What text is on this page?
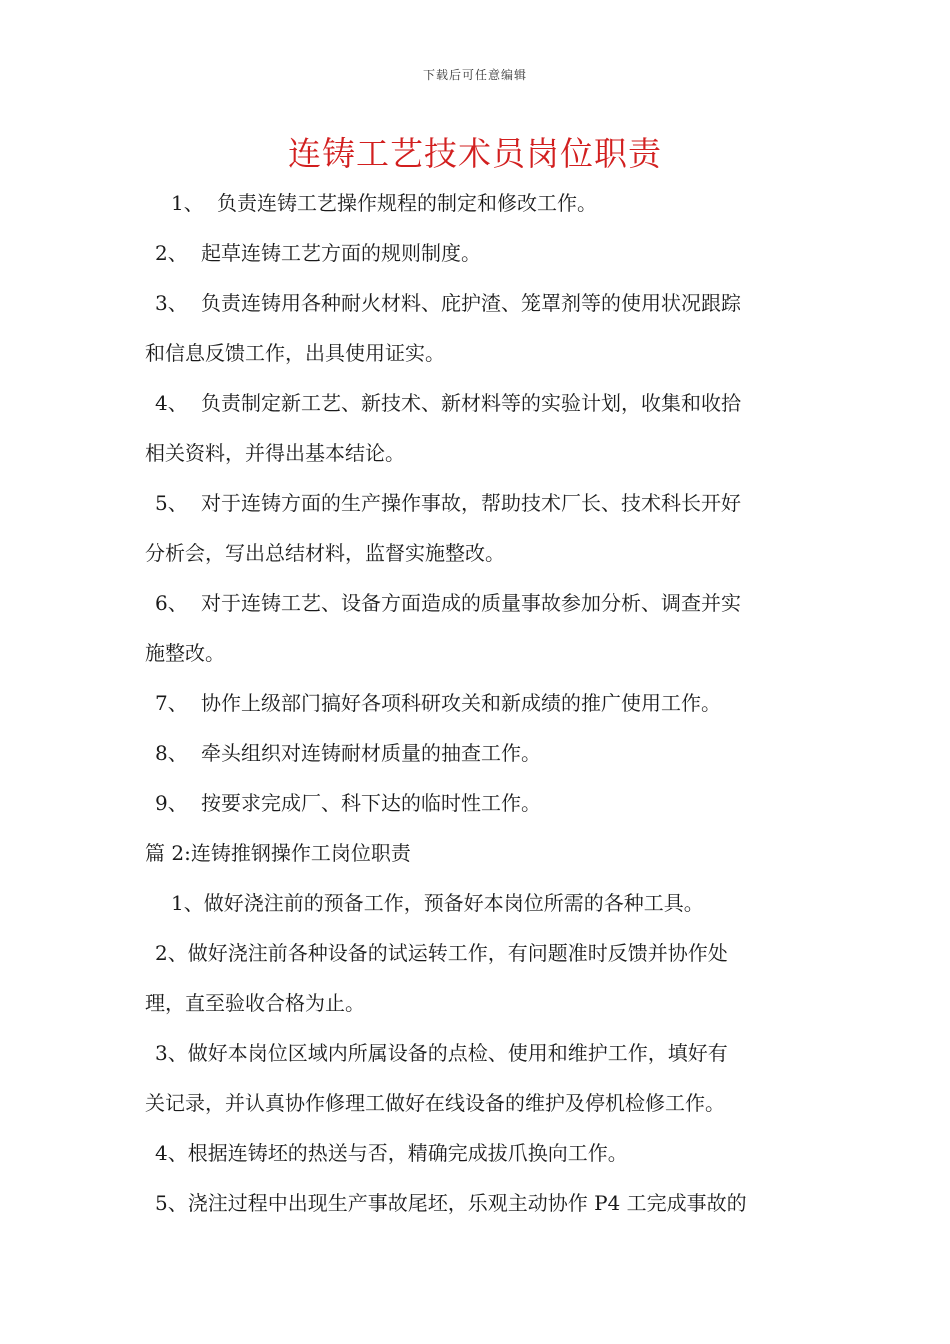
下载后可任意编辑
连铸工艺技术员岗位职责

1、 负责连铸工艺操作规程的制定和修改工作。

2、 起草连铸工艺方面的规则制度。

3、 负责连铸用各种耐火材料、庇护渣、笼罩剂等的使用状况跟踪

和信息反馈工作，出具使用证实。

4、 负责制定新工艺、新技术、新材料等的实验计划，收集和收拾

相关资料，并得出基本结论。

5、 对于连铸方面的生产操作事故，帮助技术厂长、技术科长开好

分析会，写出总结材料，监督实施整改。

6、 对于连铸工艺、设备方面造成的质量事故参加分析、调查并实

施整改。

7、 协作上级部门搞好各项科研攻关和新成绩的推广使用工作。

8、 牵头组织对连铸耐材质量的抽查工作。

9、 按要求完成厂、科下达的临时性工作。

篇 2:连铸推钢操作工岗位职责

1、做好浇注前的预备工作，预备好本岗位所需的各种工具。

2、做好浇注前各种设备的试运转工作，有问题准时反馈并协作处

理，直至验收合格为止。

3、做好本岗位区域内所属设备的点检、使用和维护工作，填好有

关记录，并认真协作修理工做好在线设备的维护及停机检修工作。

4、根据连铸坯的热送与否，精确完成拔爪换向工作。

5、浇注过程中出现生产事故尾坯，乐观主动协作 P4 工完成事故的
